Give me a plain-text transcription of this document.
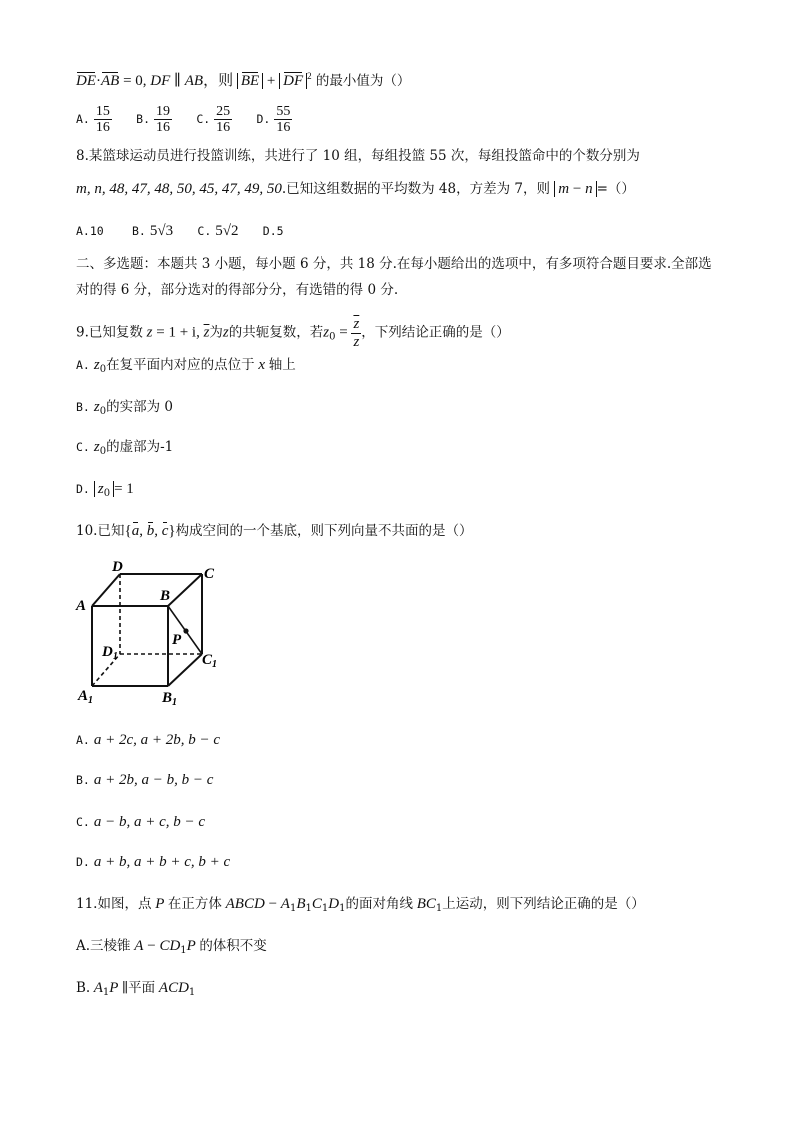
DE·AB = 0, DF ∥ AB，则 BE + DF $^2$ 的最小值为（）
A. $\frac{15}{16} B$. $\frac{19}{16} C$. $\frac{25}{16} D$. $\frac{55}{16}$
8.某篮球运动员进行投篮训练，共进行了 10 组，每组投篮 55 次，每组投篮命中的个数分别为
m, n, 48, 47, 48, 50, 45, 47, 49, 50.已知这组数据的平均数为 48，方差为 7，则 m − n =（）
A.10 B. 5√3 C. 5√2 D.5
二、多选题：本题共 3 小题，每小题 6 分，共 18 分.在每小题给出的选项中，有多项符合题目要求.全部选
对的得 6 分，部分选对的得部分分，有选错的得 0 分.
9.已知复数 z = 1 + i, $\overline{z}$为z的共轭复数，若$z_0 = \frac{\overline{z}}{z}$ ，下列结论正确的是（）
A. $z_0$在复平面内对应的点位于 x 轴上
B. $z_0$的实部为 0
C. $z_0$的虚部为-1
D. $z_0 = 1$
10.已知{a, b, c}构成空间的一个基底，则下列向量不共面的是（）
D	C
A
B
P
$D_1$	$C_1$
$A_1$	$B_1$
A. a + 2c, a + 2b, b − c
B. a + 2b, a − b, b − c
C. a − b, a + c, b − c
D. a + b, a + b + c, b + c
11.如图，点 P 在正方体 ABCD − $A_1B_1C_1D_1$的面对角线 $BC_1$上运动，则下列结论正确的是（）
A.三棱锥 $A - CD_1P$ 的体积不变
B. $A_1P$ ∥平面 $ACD_1$
